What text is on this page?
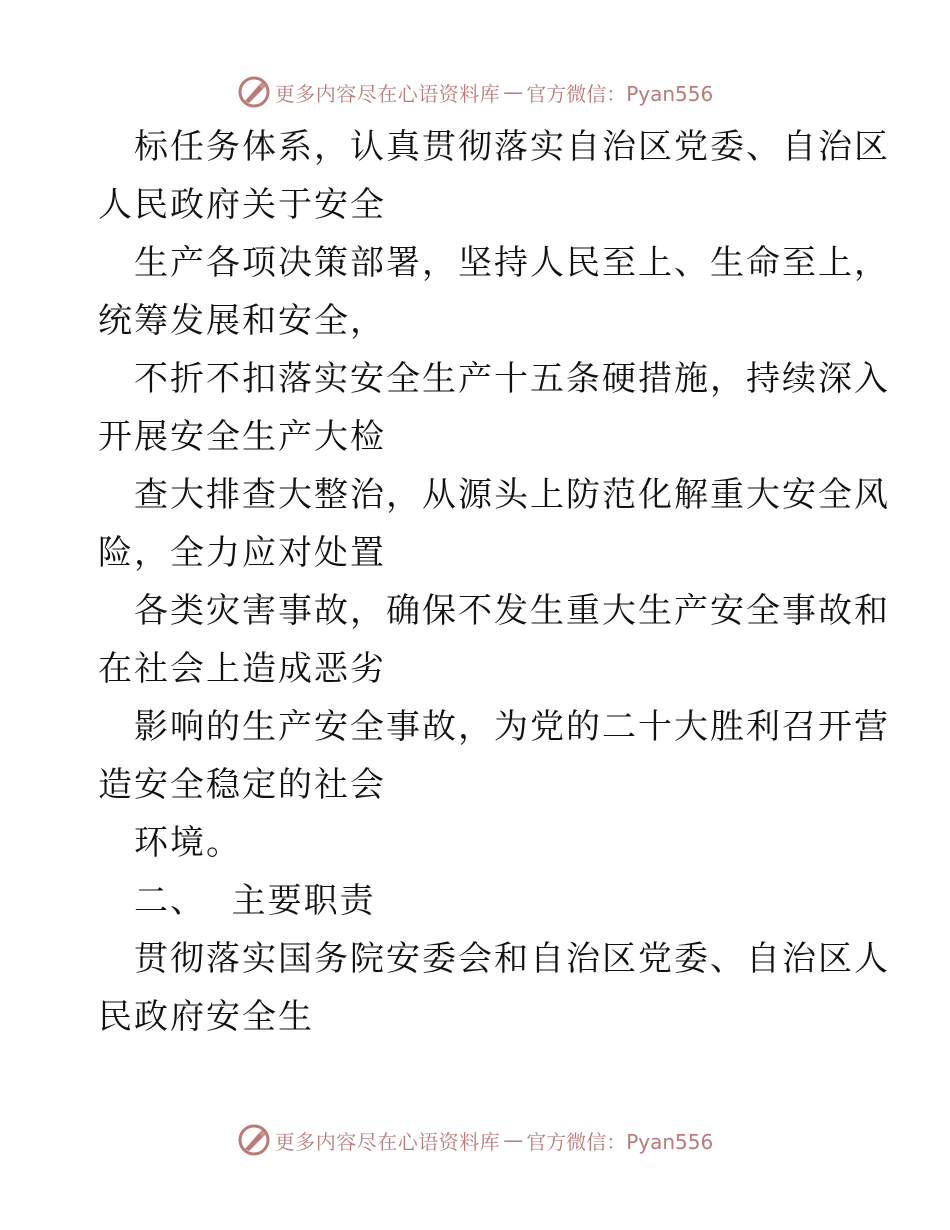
更多内容尽在心语资料库 — 官方微信：Pyan556
标任务体系，认真贯彻落实自治区党委、自治区
人民政府关于安全
生产各项决策部署，坚持人民至上、生命至上，
统筹发展和安全，
不折不扣落实安全生产十五条硬措施，持续深入
开展安全生产大检
查大排查大整治，从源头上防范化解重大安全风
险，全力应对处置
各类灾害事故，确保不发生重大生产安全事故和
在社会上造成恶劣
影响的生产安全事故，为党的二十大胜利召开营
造安全稳定的社会
环境。
二、  主要职责
贯彻落实国务院安委会和自治区党委、自治区人
民政府安全生
更多内容尽在心语资料库 — 官方微信：Pyan556
